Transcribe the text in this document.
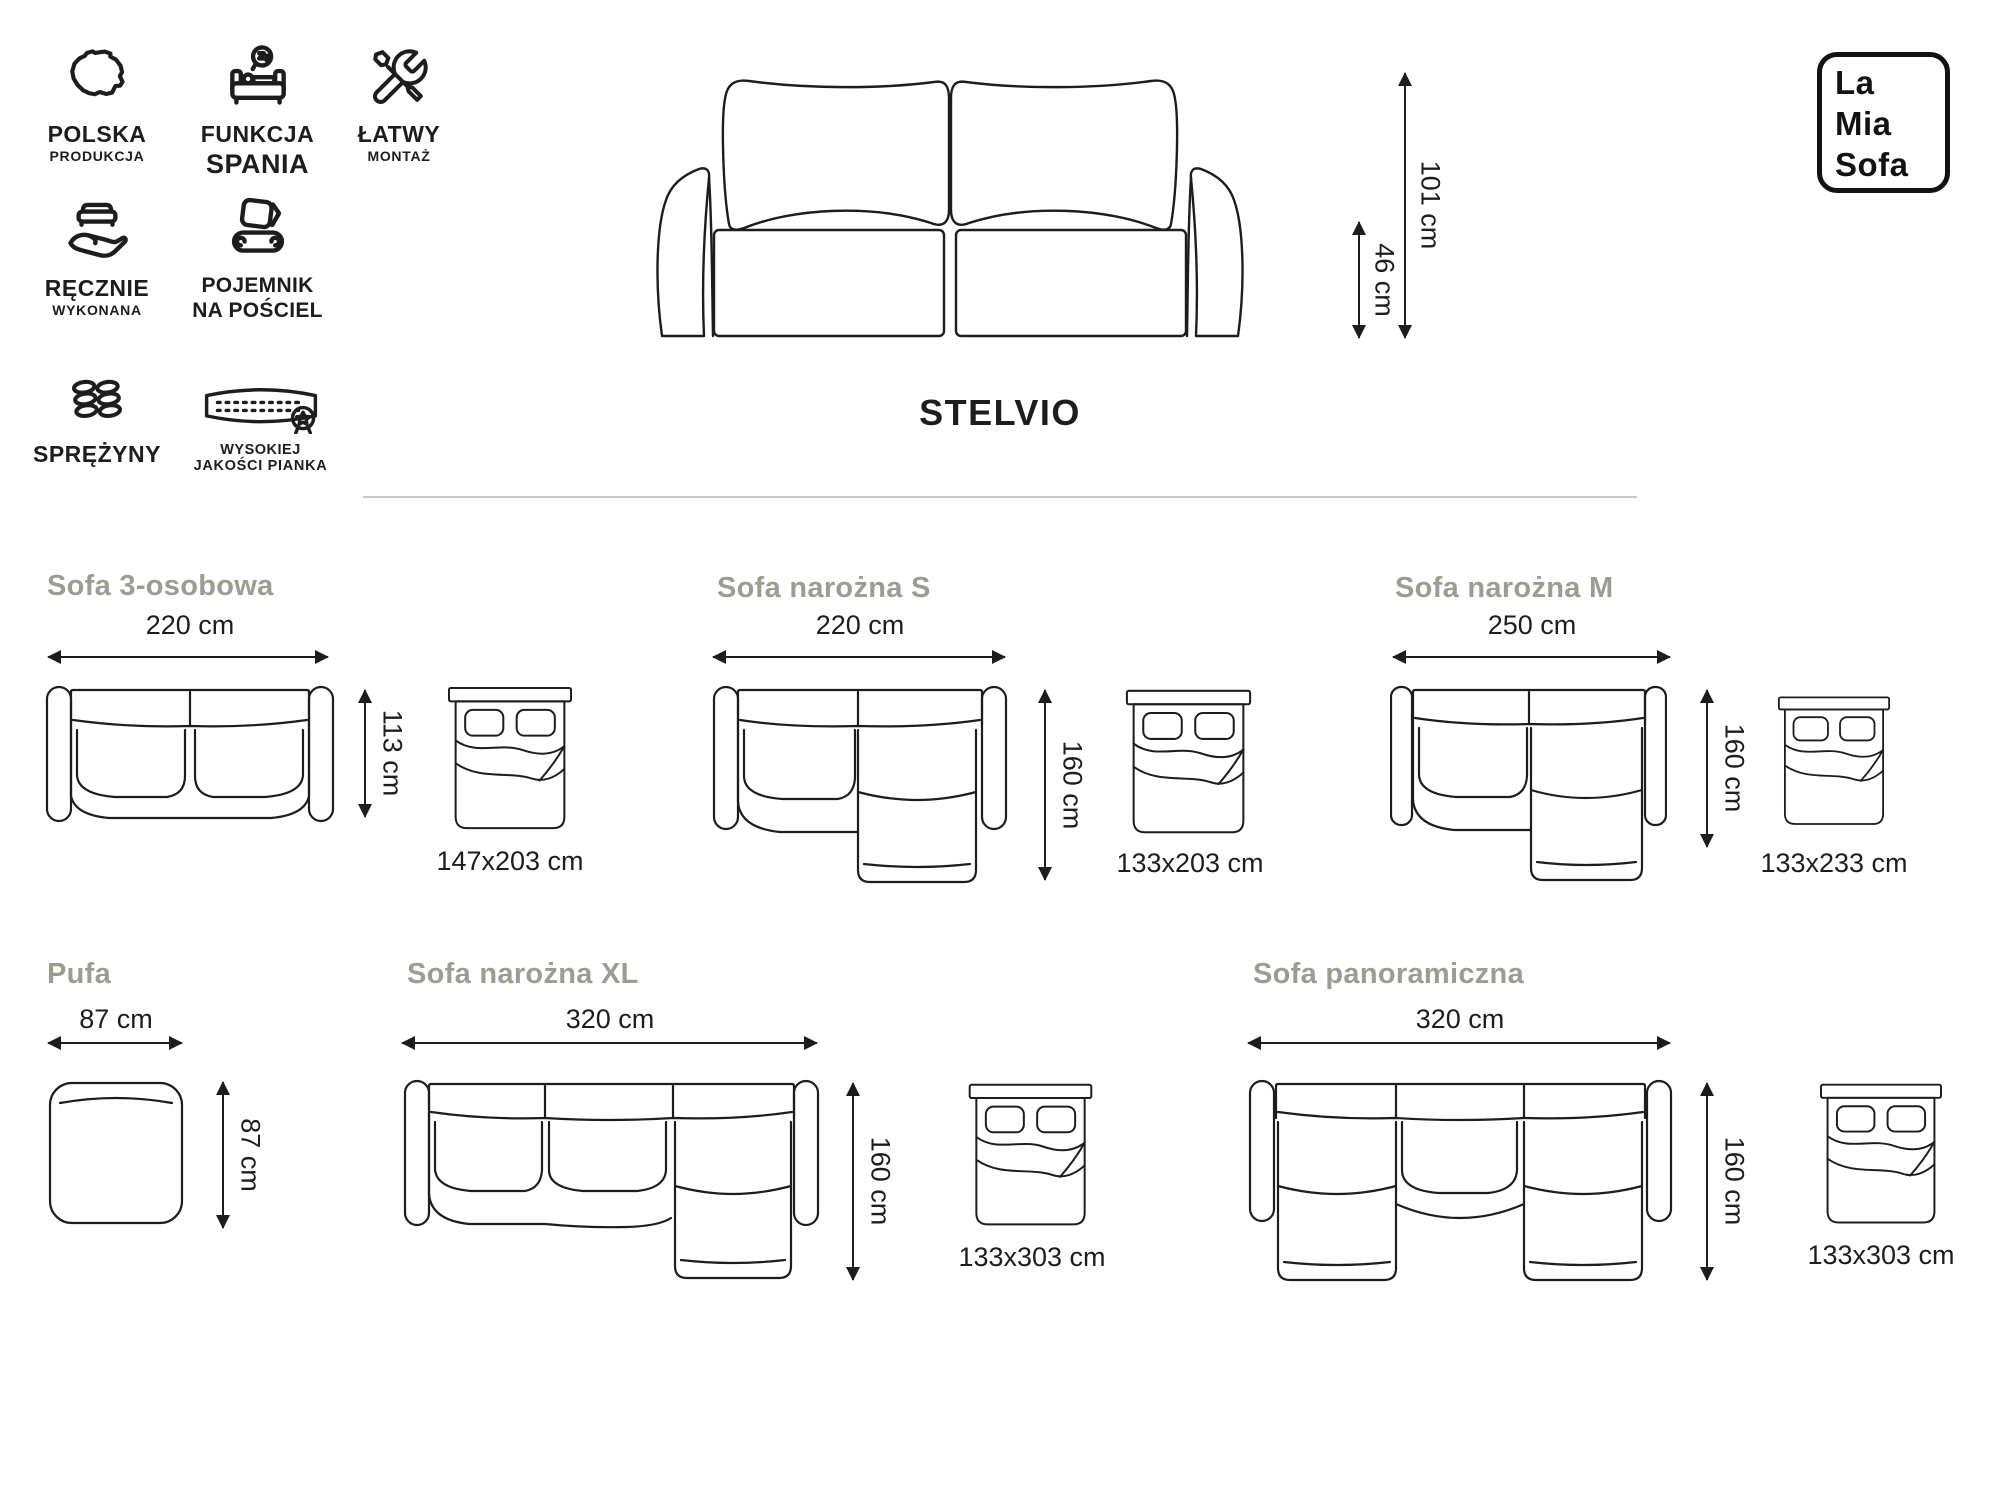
POLSKA
PRODUKCJA
FUNKCJA
SPANIA
ŁATWY
MONTAŻ
RĘCZNIE
WYKONANA
POJEMNIK
NA POŚCIEL
SPRĘŻYNY	WYSOKIEJ
JAKOŚCI PIANKA
46 cm
101 cm
La
Mia
Sofa
STELVIO
Sofa 3-osobowa
220 cm
113 cm
147x203 cm
Sofa narożna S
220 cm
160 cm
133x203 cm
Sofa narożna M
250 cm
160 cm
133x233 cm
Pufa
87 cm
87 cm
Sofa narożna XL
320 cm
160 cm
133x303 cm
Sofa panoramiczna
320 cm
160 cm
133x303 cm
